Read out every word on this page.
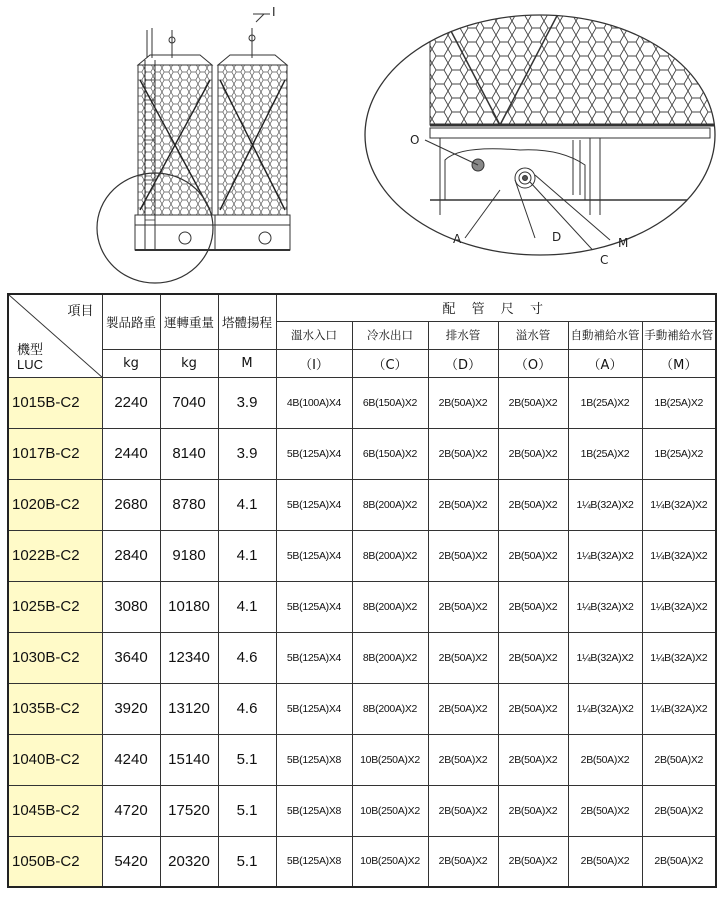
I
O
A	D	M
C
項目
機型
LUC	製品路重	運轉重量	塔體揚程	配 管 尺 寸					
				溫水入口	冷水出口	排水管	溢水管	自動補給水管	手動補給水管
	kg	kg	M	（I）	（C）	（D）	（O）	（A）	（M）
1015B-C2	2240	7040	3.9	4B(100A)X4	6B(150A)X2	2B(50A)X2	2B(50A)X2	1B(25A)X2	1B(25A)X2
1017B-C2	2440	8140	3.9	5B(125A)X4	6B(150A)X2	2B(50A)X2	2B(50A)X2	1B(25A)X2	1B(25A)X2
1020B-C2	2680	8780	4.1	5B(125A)X4	8B(200A)X2	2B(50A)X2	2B(50A)X2	1¼B(32A)X2	1¼B(32A)X2
1022B-C2	2840	9180	4.1	5B(125A)X4	8B(200A)X2	2B(50A)X2	2B(50A)X2	1¼B(32A)X2	1¼B(32A)X2
1025B-C2	3080	10180	4.1	5B(125A)X4	8B(200A)X2	2B(50A)X2	2B(50A)X2	1¼B(32A)X2	1¼B(32A)X2
1030B-C2	3640	12340	4.6	5B(125A)X4	8B(200A)X2	2B(50A)X2	2B(50A)X2	1¼B(32A)X2	1¼B(32A)X2
1035B-C2	3920	13120	4.6	5B(125A)X4	8B(200A)X2	2B(50A)X2	2B(50A)X2	1¼B(32A)X2	1¼B(32A)X2
1040B-C2	4240	15140	5.1	5B(125A)X8	10B(250A)X2	2B(50A)X2	2B(50A)X2	2B(50A)X2	2B(50A)X2
1045B-C2	4720	17520	5.1	5B(125A)X8	10B(250A)X2	2B(50A)X2	2B(50A)X2	2B(50A)X2	2B(50A)X2
1050B-C2	5420	20320	5.1	5B(125A)X8	10B(250A)X2	2B(50A)X2	2B(50A)X2	2B(50A)X2	2B(50A)X2
